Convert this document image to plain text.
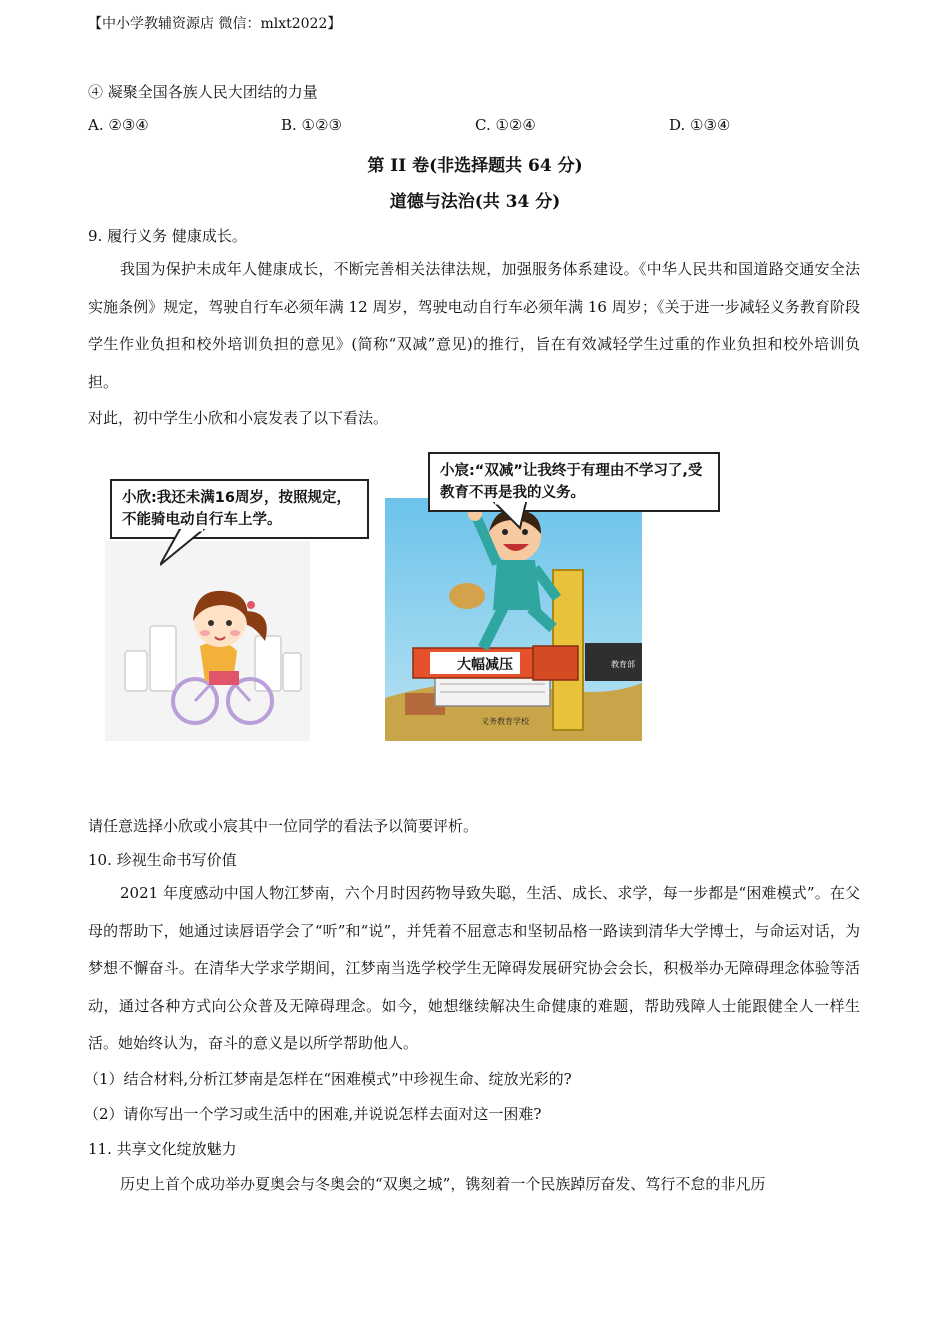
【中小学教辅资源店 微信：mlxt2022】
④ 凝聚全国各族人民大团结的力量
A. ②③④	B. ①②③	C. ①②④	D. ①③④
第 II 卷(非选择题共 64 分)
道德与法治(共 34 分)
9. 履行义务 健康成长。
我国为保护未成年人健康成长，不断完善相关法律法规，加强服务体系建设。《中华人民共和国道路交通安全法实施条例》规定，驾驶自行车必须年满 12 周岁，驾驶电动自行车必须年满 16 周岁；《关于进一步减轻义务教育阶段学生作业负担和校外培训负担的意见》(简称“双减”意见)的推行，旨在有效减轻学生过重的作业负担和校外培训负担。
对此，初中学生小欣和小宸发表了以下看法。
小欣:我还未满16周岁，按照规定，不能骑电动自行车上学。
大幅减压	教育部
义务教育学校
小宸:“双减”让我终于有理由不学习了,受教育不再是我的义务。
请任意选择小欣或小宸其中一位同学的看法予以简要评析。
10. 珍视生命书写价值
2021 年度感动中国人物江梦南，六个月时因药物导致失聪，生活、成长、求学，每一步都是“困难模式”。在父母的帮助下，她通过读唇语学会了“听”和“说”，并凭着不屈意志和坚韧品格一路读到清华大学博士，与命运对话，为梦想不懈奋斗。在清华大学求学期间，江梦南当选学校学生无障碍发展研究协会会长，积极举办无障碍理念体验等活动，通过各种方式向公众普及无障碍理念。如今，她想继续解决生命健康的难题，帮助残障人士能跟健全人一样生活。她始终认为，奋斗的意义是以所学帮助他人。
（1）结合材料,分析江梦南是怎样在“困难模式”中珍视生命、绽放光彩的?
（2）请你写出一个学习或生活中的困难,并说说怎样去面对这一困难?
11. 共享文化绽放魅力
历史上首个成功举办夏奥会与冬奥会的“双奥之城”，镌刻着一个民族踔厉奋发、笃行不怠的非凡历
